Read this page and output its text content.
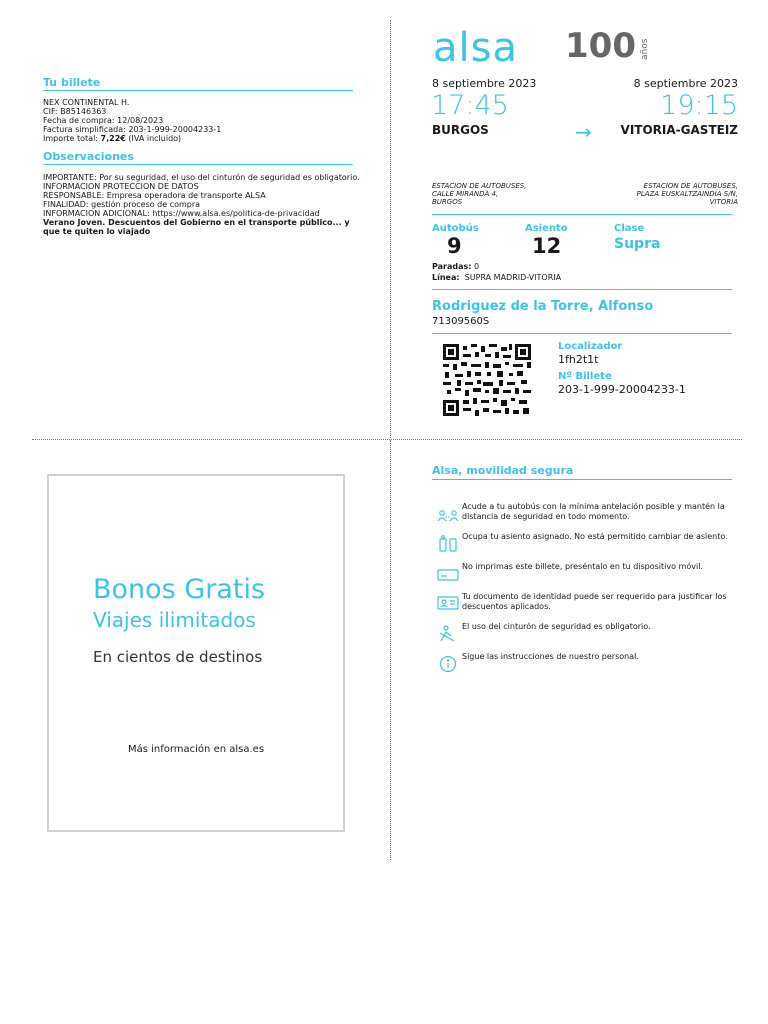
Tu billete
NEX CONTINENTAL H.
CIF: B85146363
Fecha de compra: 12/08/2023
Factura simplificada: 203-1-999-20004233-1
Importe total: 7,22€ (IVA incluido)
Observaciones
IMPORTANTE: Por su seguridad, el uso del cinturón de seguridad es obligatorio.
INFORMACION PROTECCION DE DATOS
RESPONSABLE: Empresa operadora de transporte ALSA
FINALIDAD: gestión proceso de compra
INFORMACION ADICIONAL: https://www.alsa.es/politica-de-privacidad
Verano Joven. Descuentos del Gobierno en el transporte público... y que te quiten lo viajado
alsa 100 años
8 septiembre 2023	8 septiembre 2023
17:45	19:15
BURGOS	→ VITORIA-GASTEIZ
ESTACION DE AUTOBUSES,
CALLE MIRANDA 4,
BURGOS
ESTACION DE AUTOBUSES,
PLAZA EUSKALTZAINDIA S/N,
VITORIA
Autobús
9
Asiento
12
Clase
Supra
Paradas: 0
Línea: SUPRA MADRID-VITORIA
Rodriguez de la Torre, Alfonso
71309560S
Localizador
1fh2t1t
Nº Billete
203-1-999-20004233-1
Bonos Gratis
Viajes ilimitados
En cientos de destinos
Más información en alsa.es
Alsa, movilidad segura
Acude a tu autobús con la mínima antelación posible y mantén la distancia de seguridad en todo momento.
Ocupa tu asiento asignado. No está permitido cambiar de asiento.
No imprimas este billete, preséntalo en tu dispositivo móvil.
Tu documento de identidad puede ser requerido para justificar los descuentos aplicados.
El uso del cinturón de seguridad es obligatorio.
Sigue las instrucciones de nuestro personal.
